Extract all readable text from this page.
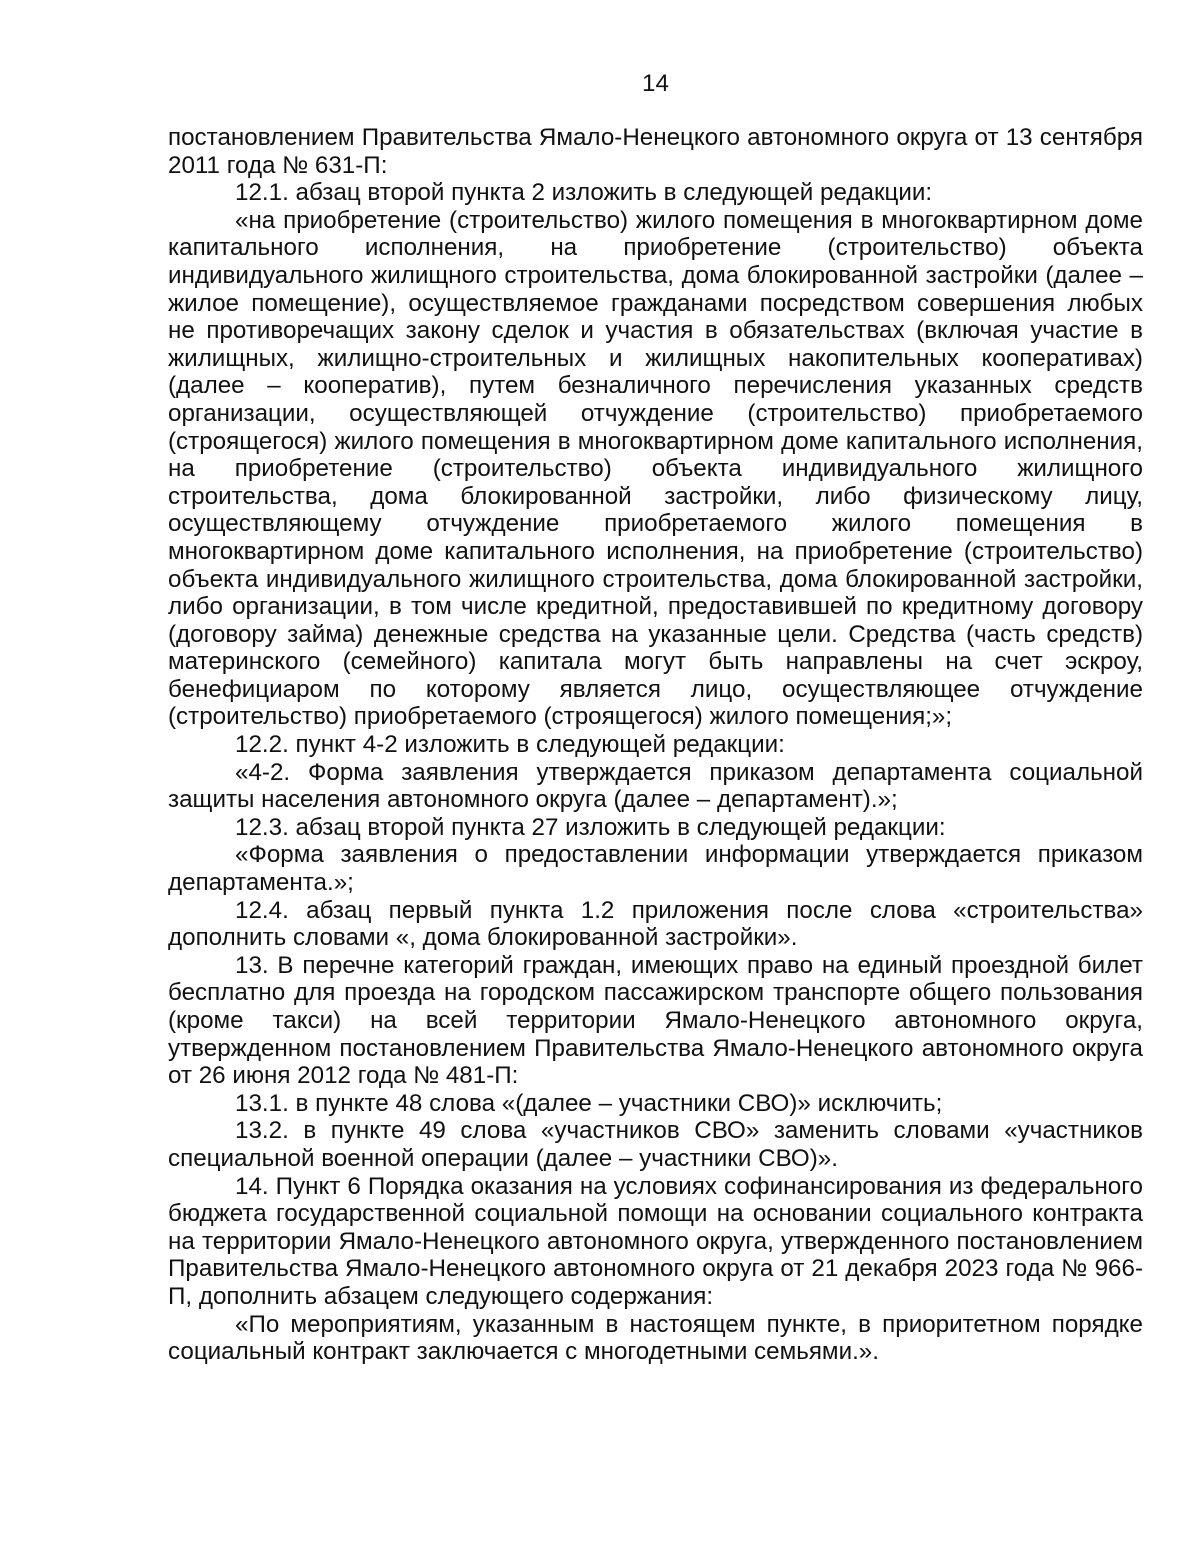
14

постановлением Правительства Ямало-Ненецкого автономного округа от 13 сентября 2011 года № 631-П:

12.1. абзац второй пункта 2 изложить в следующей редакции:

«на приобретение (строительство) жилого помещения в многоквартирном доме капитального исполнения, на приобретение (строительство) объекта индивидуального жилищного строительства, дома блокированной застройки (далее – жилое помещение), осуществляемое гражданами посредством совершения любых не противоречащих закону сделок и участия в обязательствах (включая участие в жилищных, жилищно-строительных и жилищных накопительных кооперативах) (далее – кооператив), путем безналичного перечисления указанных средств организации, осуществляющей отчуждение (строительство) приобретаемого (строящегося) жилого помещения в многоквартирном доме капитального исполнения, на приобретение (строительство) объекта индивидуального жилищного строительства, дома блокированной застройки, либо физическому лицу, осуществляющему отчуждение приобретаемого жилого помещения в многоквартирном доме капитального исполнения, на приобретение (строительство) объекта индивидуального жилищного строительства, дома блокированной застройки, либо организации, в том числе кредитной, предоставившей по кредитному договору (договору займа) денежные средства на указанные цели. Средства (часть средств) материнского (семейного) капитала могут быть направлены на счет эскроу, бенефициаром по которому является лицо, осуществляющее отчуждение (строительство) приобретаемого (строящегося) жилого помещения;»;

12.2. пункт 4-2 изложить в следующей редакции:

«4-2. Форма заявления утверждается приказом департамента социальной защиты населения автономного округа (далее – департамент).»;

12.3. абзац второй пункта 27 изложить в следующей редакции:

«Форма заявления о предоставлении информации утверждается приказом департамента.»;

12.4. абзац первый пункта 1.2 приложения после слова «строительства» дополнить словами «, дома блокированной застройки».

13. В перечне категорий граждан, имеющих право на единый проездной билет бесплатно для проезда на городском пассажирском транспорте общего пользования (кроме такси) на всей территории Ямало-Ненецкого автономного округа, утвержденном постановлением Правительства Ямало-Ненецкого автономного округа от 26 июня 2012 года № 481-П:

13.1. в пункте 48 слова «(далее – участники СВО)» исключить;

13.2. в пункте 49 слова «участников СВО» заменить словами «участников специальной военной операции (далее – участники СВО)».

14. Пункт 6 Порядка оказания на условиях софинансирования из федерального бюджета государственной социальной помощи на основании социального контракта на территории Ямало-Ненецкого автономного округа, утвержденного постановлением Правительства Ямало-Ненецкого автономного округа от 21 декабря 2023 года № 966-П, дополнить абзацем следующего содержания:

«По мероприятиям, указанным в настоящем пункте, в приоритетном порядке социальный контракт заключается с многодетными семьями.».
